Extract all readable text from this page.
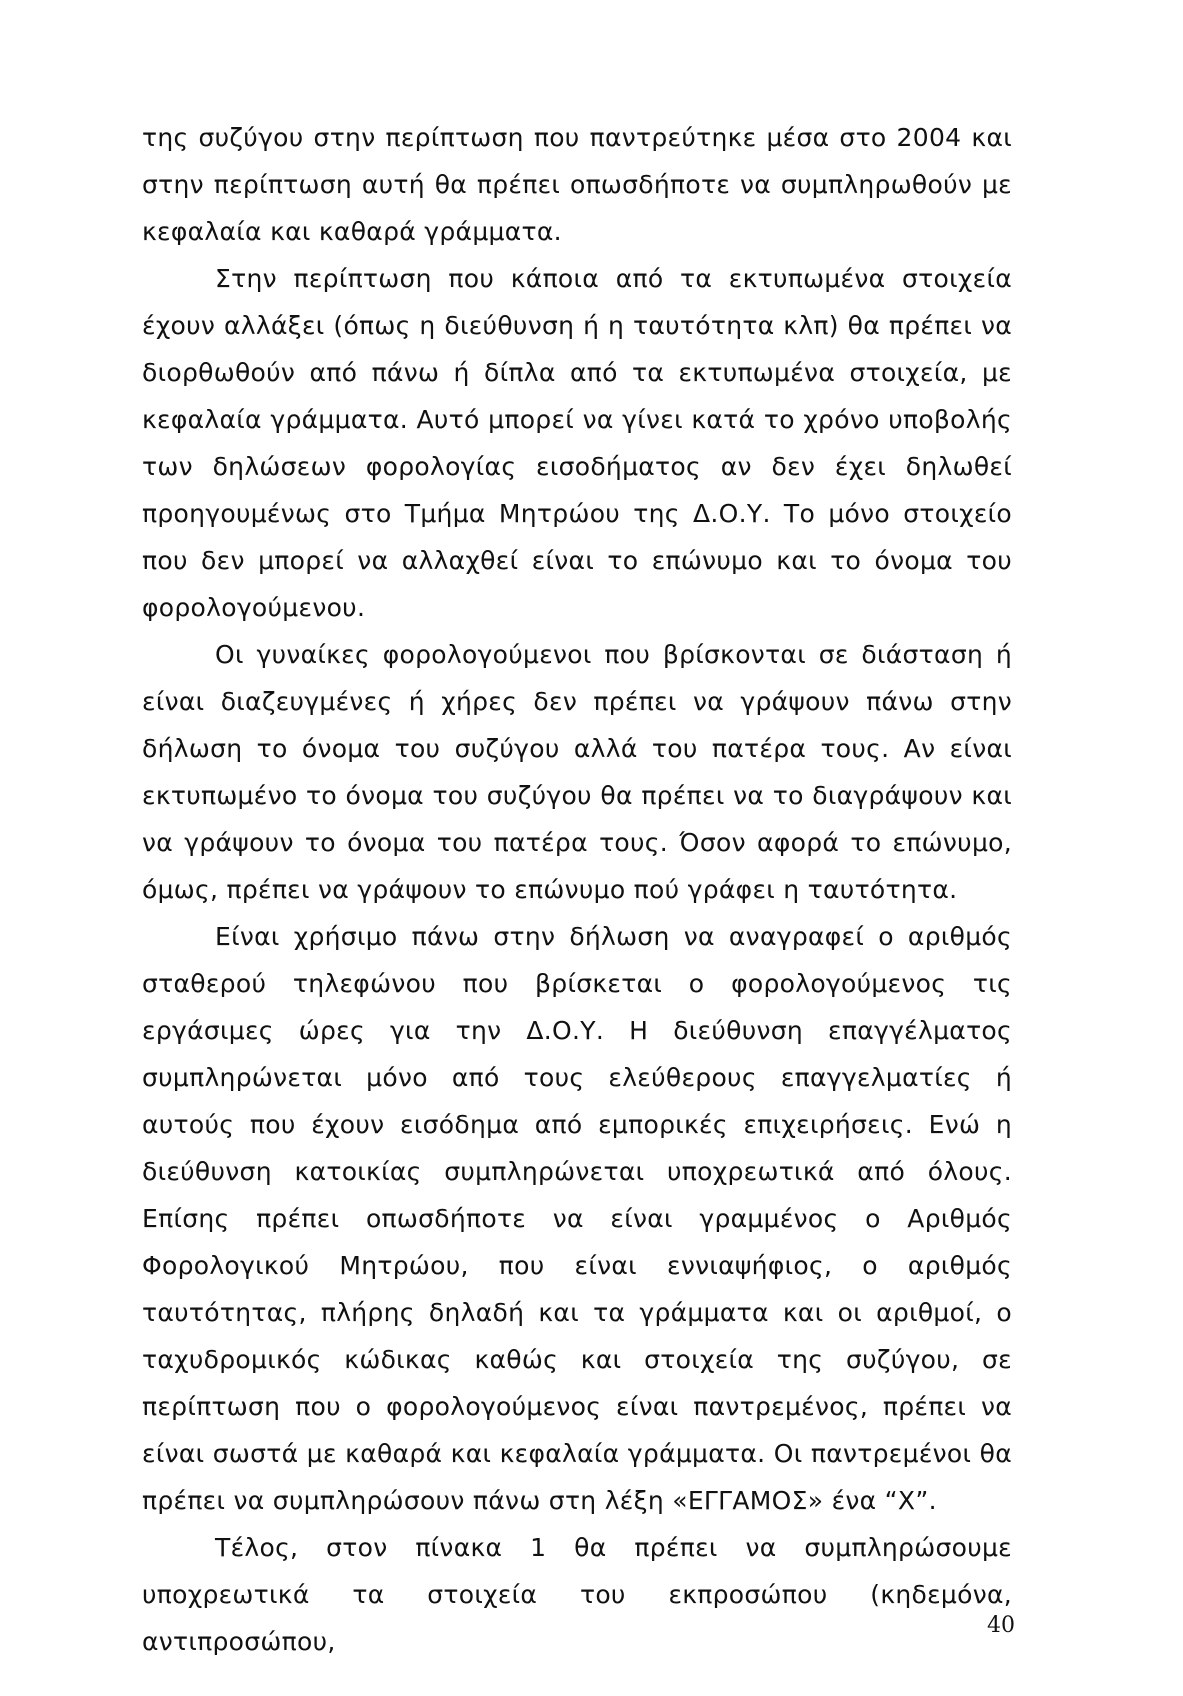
της συζύγου στην περίπτωση που παντρεύτηκε μέσα στο 2004 και στην περίπτωση αυτή θα πρέπει οπωσδήποτε να συμπληρωθούν με κεφαλαία και καθαρά γράμματα.

Στην περίπτωση που κάποια από τα εκτυπωμένα στοιχεία έχουν αλλάξει (όπως η διεύθυνση ή η ταυτότητα κλπ) θα πρέπει να διορθωθούν από πάνω ή δίπλα από τα εκτυπωμένα στοιχεία, με κεφαλαία γράμματα. Αυτό μπορεί να γίνει κατά το χρόνο υποβολής των δηλώσεων φορολογίας εισοδήματος αν δεν έχει δηλωθεί προηγουμένως στο Τμήμα Μητρώου της Δ.Ο.Υ. Το μόνο στοιχείο που δεν μπορεί να αλλαχθεί είναι το επώνυμο και το όνομα του φορολογούμενου.

Οι γυναίκες φορολογούμενοι που βρίσκονται σε διάσταση ή είναι διαζευγμένες ή χήρες δεν πρέπει να γράψουν πάνω στην δήλωση το όνομα του συζύγου αλλά του πατέρα τους. Αν είναι εκτυπωμένο το όνομα του συζύγου θα πρέπει να το διαγράψουν και να γράψουν το όνομα του πατέρα τους. Όσον αφορά το επώνυμο, όμως, πρέπει να γράψουν το επώνυμο πού γράφει η ταυτότητα.

Είναι χρήσιμο πάνω στην δήλωση να αναγραφεί ο αριθμός σταθερού τηλεφώνου που βρίσκεται ο φορολογούμενος τις εργάσιμες ώρες για την Δ.Ο.Υ. Η διεύθυνση επαγγέλματος συμπληρώνεται μόνο από τους ελεύθερους επαγγελματίες ή αυτούς που έχουν εισόδημα από εμπορικές επιχειρήσεις. Ενώ η διεύθυνση κατοικίας συμπληρώνεται υποχρεωτικά από όλους. Επίσης πρέπει οπωσδήποτε να είναι γραμμένος ο Αριθμός Φορολογικού Μητρώου, που είναι εννιαψήφιος, ο αριθμός ταυτότητας, πλήρης δηλαδή και τα γράμματα και οι αριθμοί, ο ταχυδρομικός κώδικας καθώς και στοιχεία της συζύγου, σε περίπτωση που ο φορολογούμενος είναι παντρεμένος, πρέπει να είναι σωστά με καθαρά και κεφαλαία γράμματα. Οι παντρεμένοι θα πρέπει να συμπληρώσουν πάνω στη λέξη «ΕΓΓΑΜΟΣ» ένα “Χ”.

Τέλος, στον πίνακα 1 θα πρέπει να συμπληρώσουμε υποχρεωτικά τα στοιχεία του εκπροσώπου (κηδεμόνα, αντιπροσώπου,

40
